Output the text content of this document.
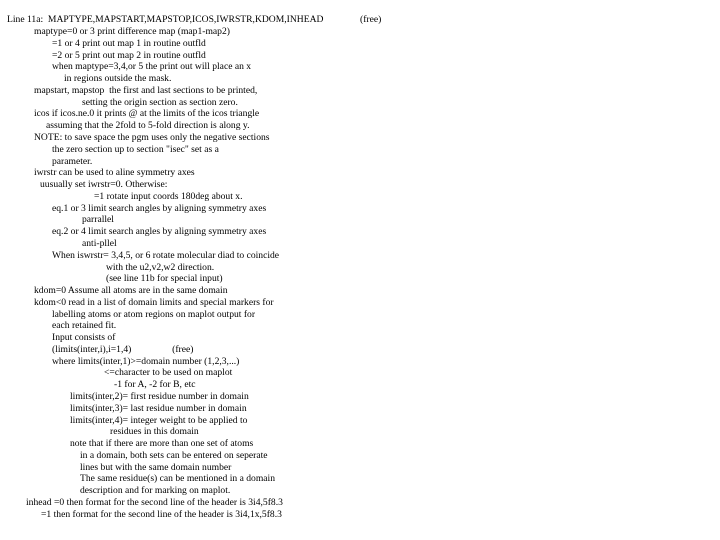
(free)
Line 11a:  MAPTYPE,MAPSTART,MAPSTOP,ICOS,IWRSTR,KDOM,INHEAD
maptype=0 or 3 print difference map (map1-map2)
=1 or 4 print out map 1 in routine outfld
=2 or 5 print out map 2 in routine outfld
when maptype=3,4,or 5 the print out will place an x
in regions outside the mask.
mapstart, mapstop  the first and last sections to be printed,
setting the origin section as section zero.
icos if icos.ne.0 it prints @ at the limits of the icos triangle
assuming that the 2fold to 5-fold direction is along y.
NOTE: to save space the pgm uses only the negative sections
the zero section up to section "isec" set as a
parameter.
iwrstr can be used to aline symmetry axes
uusually set iwrstr=0. Otherwise:
=1 rotate input coords 180deg about x.
eq.1 or 3 limit search angles by aligning symmetry axes
parrallel
eq.2 or 4 limit search angles by aligning symmetry axes
anti-pllel
When iswrstr= 3,4,5, or 6 rotate molecular diad to coincide
with the u2,v2,w2 direction.
(see line 11b for special input)
kdom=0 Assume all atoms are in the same domain
kdom<0 read in a list of domain limits and special markers for
labelling atoms or atom regions on maplot output for
each retained fit.
Input consists of
(limits(inter,i),i=1,4)                 (free)
where limits(inter,1)>=domain number (1,2,3,...)
<=character to be used on maplot
-1 for A, -2 for B, etc
limits(inter,2)= first residue number in domain
limits(inter,3)= last residue number in domain
limits(inter,4)= integer weight to be applied to
residues in this domain
note that if there are more than one set of atoms
in a domain, both sets can be entered on seperate
lines but with the same domain number
The same residue(s) can be mentioned in a domain
description and for marking on maplot.
inhead =0 then format for the second line of the header is 3i4,5f8.3
=1 then format for the second line of the header is 3i4,1x,5f8.3
